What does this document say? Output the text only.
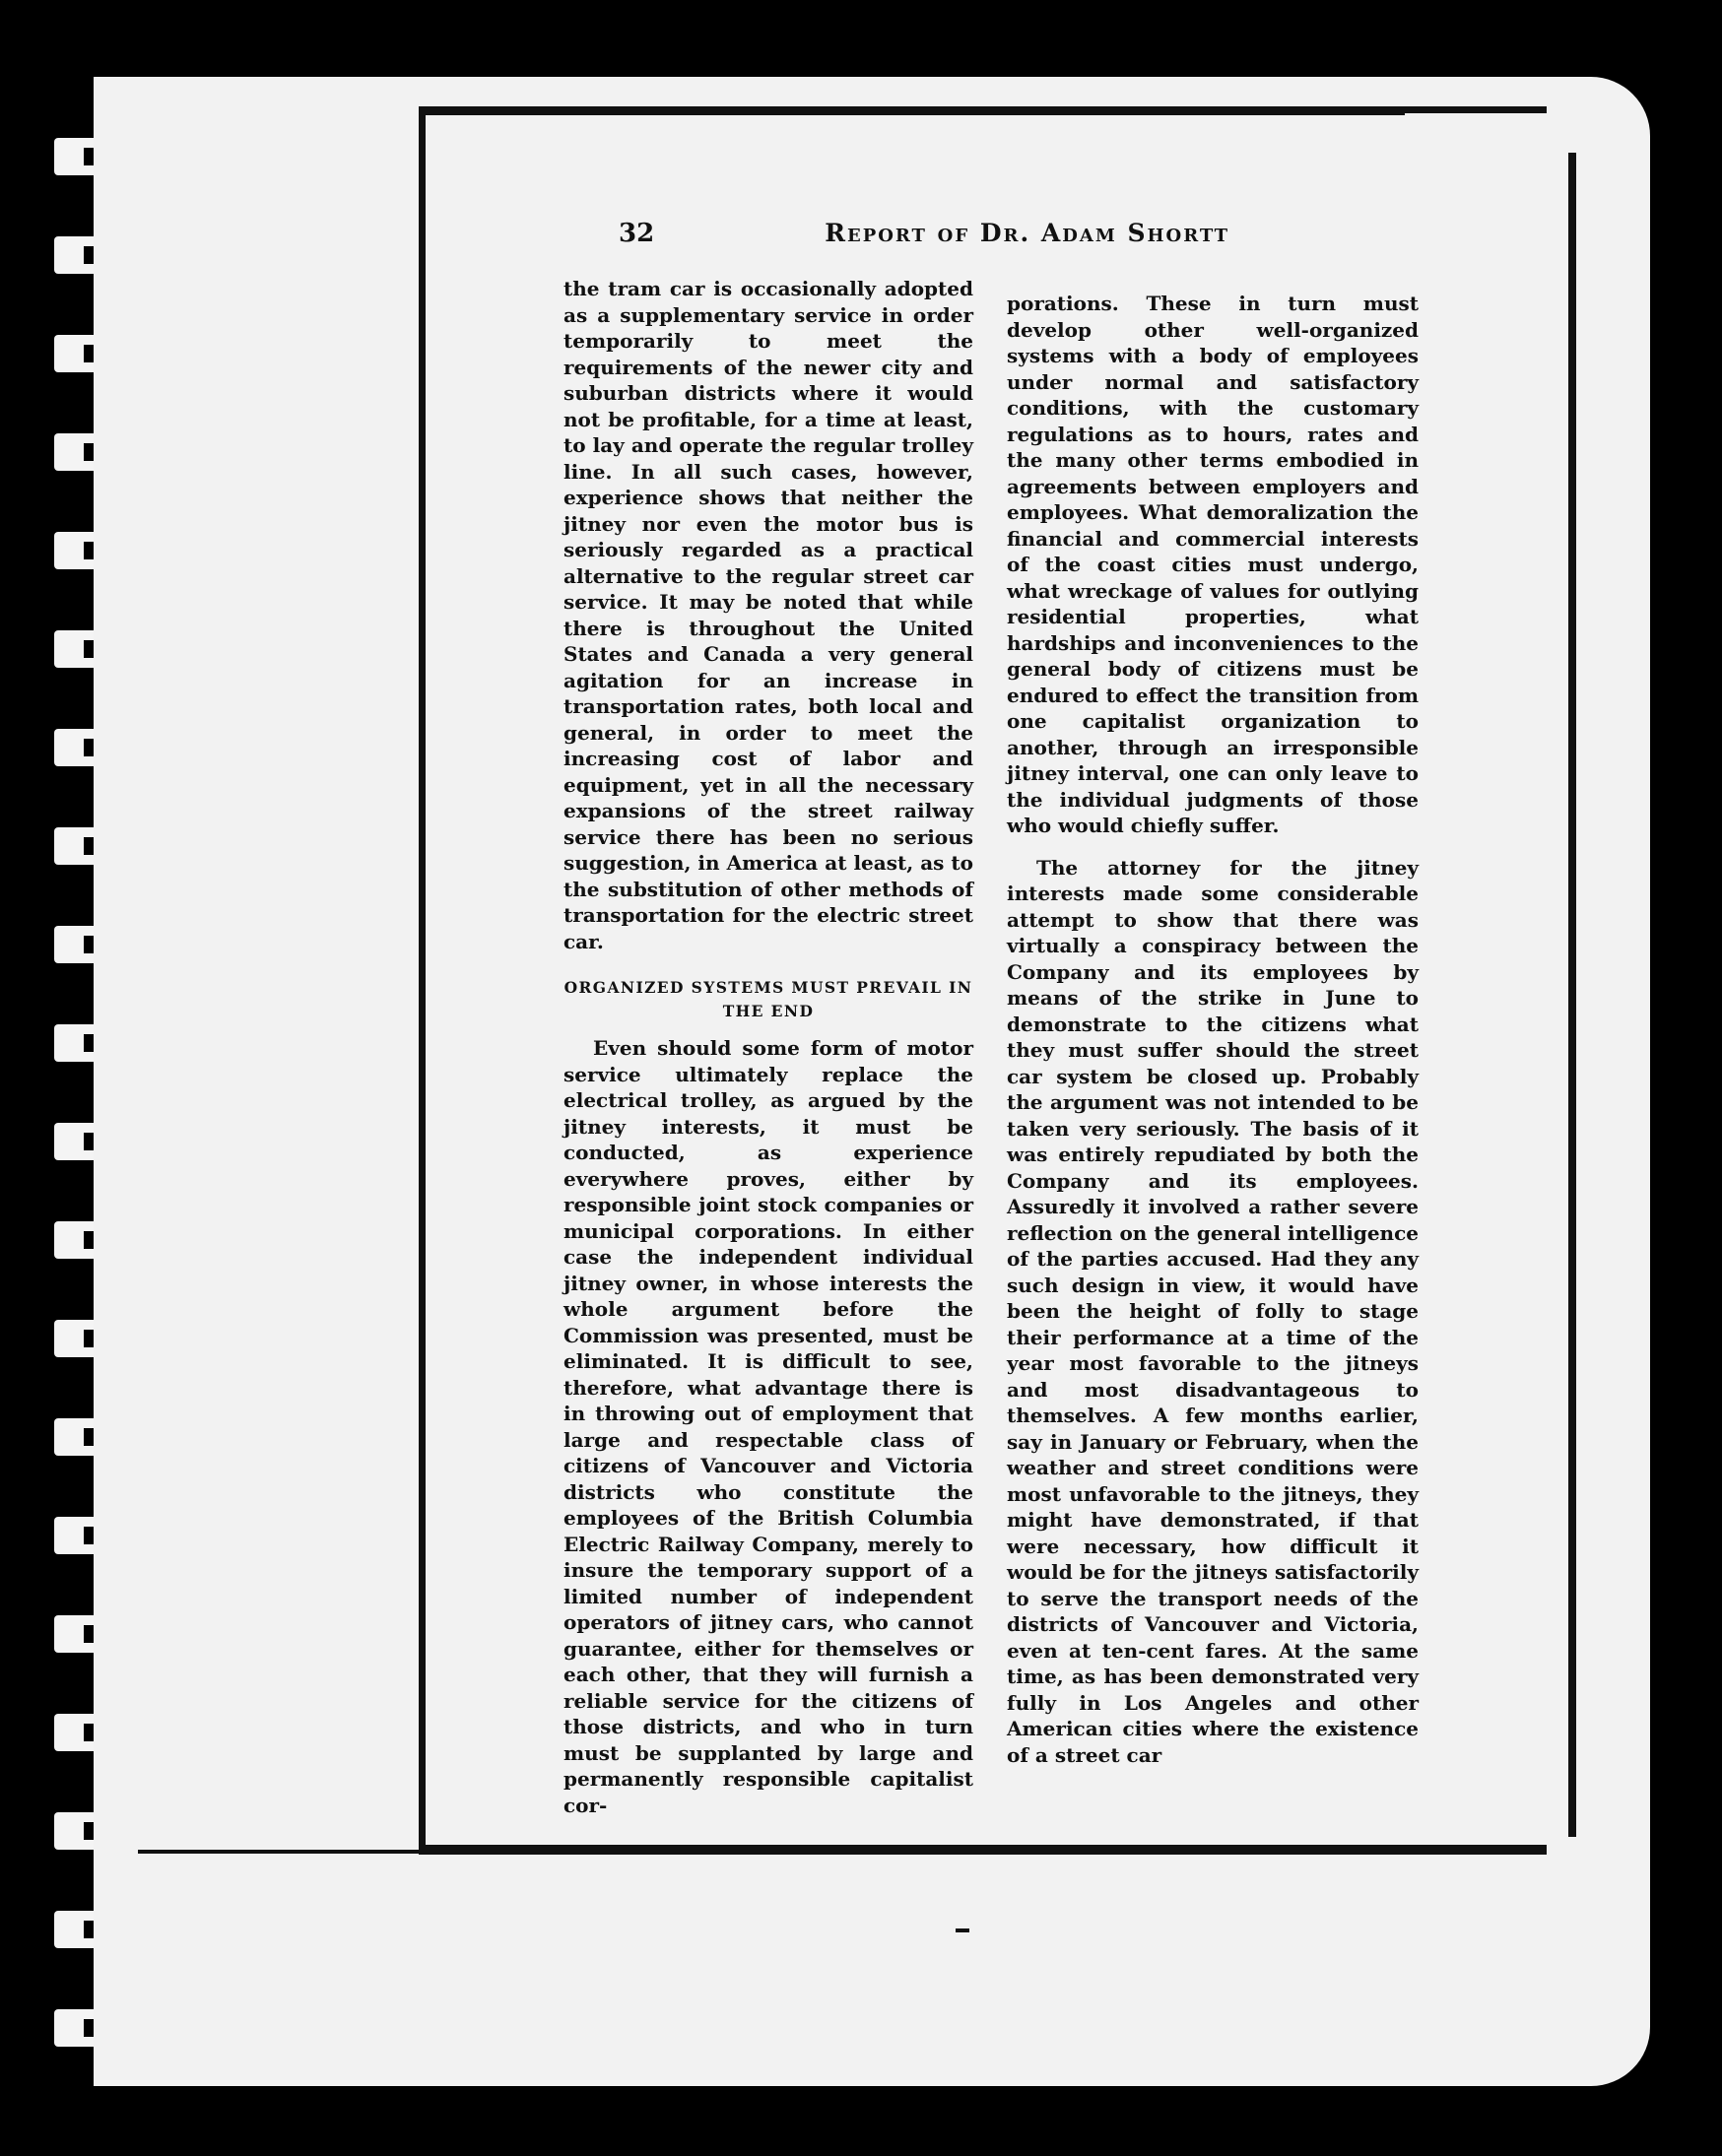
32	Report of Dr. Adam Shortt

the tram car is occasionally adopted as a supplementary service in order temporarily to meet the requirements of the newer city and suburban districts where it would not be profitable, for a time at least, to lay and operate the regular trolley line. In all such cases, however, experience shows that neither the jitney nor even the motor bus is seriously regarded as a practical alternative to the regular street car service. It may be noted that while there is throughout the United States and Canada a very general agitation for an increase in transportation rates, both local and general, in order to meet the increasing cost of labor and equipment, yet in all the necessary expansions of the street railway service there has been no serious suggestion, in America at least, as to the substitution of other methods of transportation for the electric street car.

ORGANIZED SYSTEMS MUST PREVAIL IN THE END

Even should some form of motor service ultimately replace the electrical trolley, as argued by the jitney interests, it must be conducted, as experience everywhere proves, either by responsible joint stock companies or municipal corporations. In either case the independent individual jitney owner, in whose interests the whole argument before the Commission was presented, must be eliminated. It is difficult to see, therefore, what advantage there is in throwing out of employment that large and respectable class of citizens of Vancouver and Victoria districts who constitute the employees of the British Columbia Electric Railway Company, merely to insure the temporary support of a limited number of independent operators of jitney cars, who cannot guarantee, either for themselves or each other, that they will furnish a reliable service for the citizens of those districts, and who in turn must be supplanted by large and permanently responsible capitalist cor-

porations. These in turn must develop other well-organized systems with a body of employees under normal and satisfactory conditions, with the customary regulations as to hours, rates and the many other terms embodied in agreements between employers and employees. What demoralization the financial and commercial interests of the coast cities must undergo, what wreckage of values for outlying residential properties, what hardships and inconveniences to the general body of citizens must be endured to effect the transition from one capitalist organization to another, through an irresponsible jitney interval, one can only leave to the individual judgments of those who would chiefly suffer.

The attorney for the jitney interests made some considerable attempt to show that there was virtually a conspiracy between the Company and its employees by means of the strike in June to demonstrate to the citizens what they must suffer should the street car system be closed up. Probably the argument was not intended to be taken very seriously. The basis of it was entirely repudiated by both the Company and its employees. Assuredly it involved a rather severe reflection on the general intelligence of the parties accused. Had they any such design in view, it would have been the height of folly to stage their performance at a time of the year most favorable to the jitneys and most disadvantageous to themselves. A few months earlier, say in January or February, when the weather and street conditions were most unfavorable to the jitneys, they might have demonstrated, if that were necessary, how difficult it would be for the jitneys satisfactorily to serve the transport needs of the districts of Vancouver and Victoria, even at ten-cent fares. At the same time, as has been demonstrated very fully in Los Angeles and other American cities where the existence of a street car
